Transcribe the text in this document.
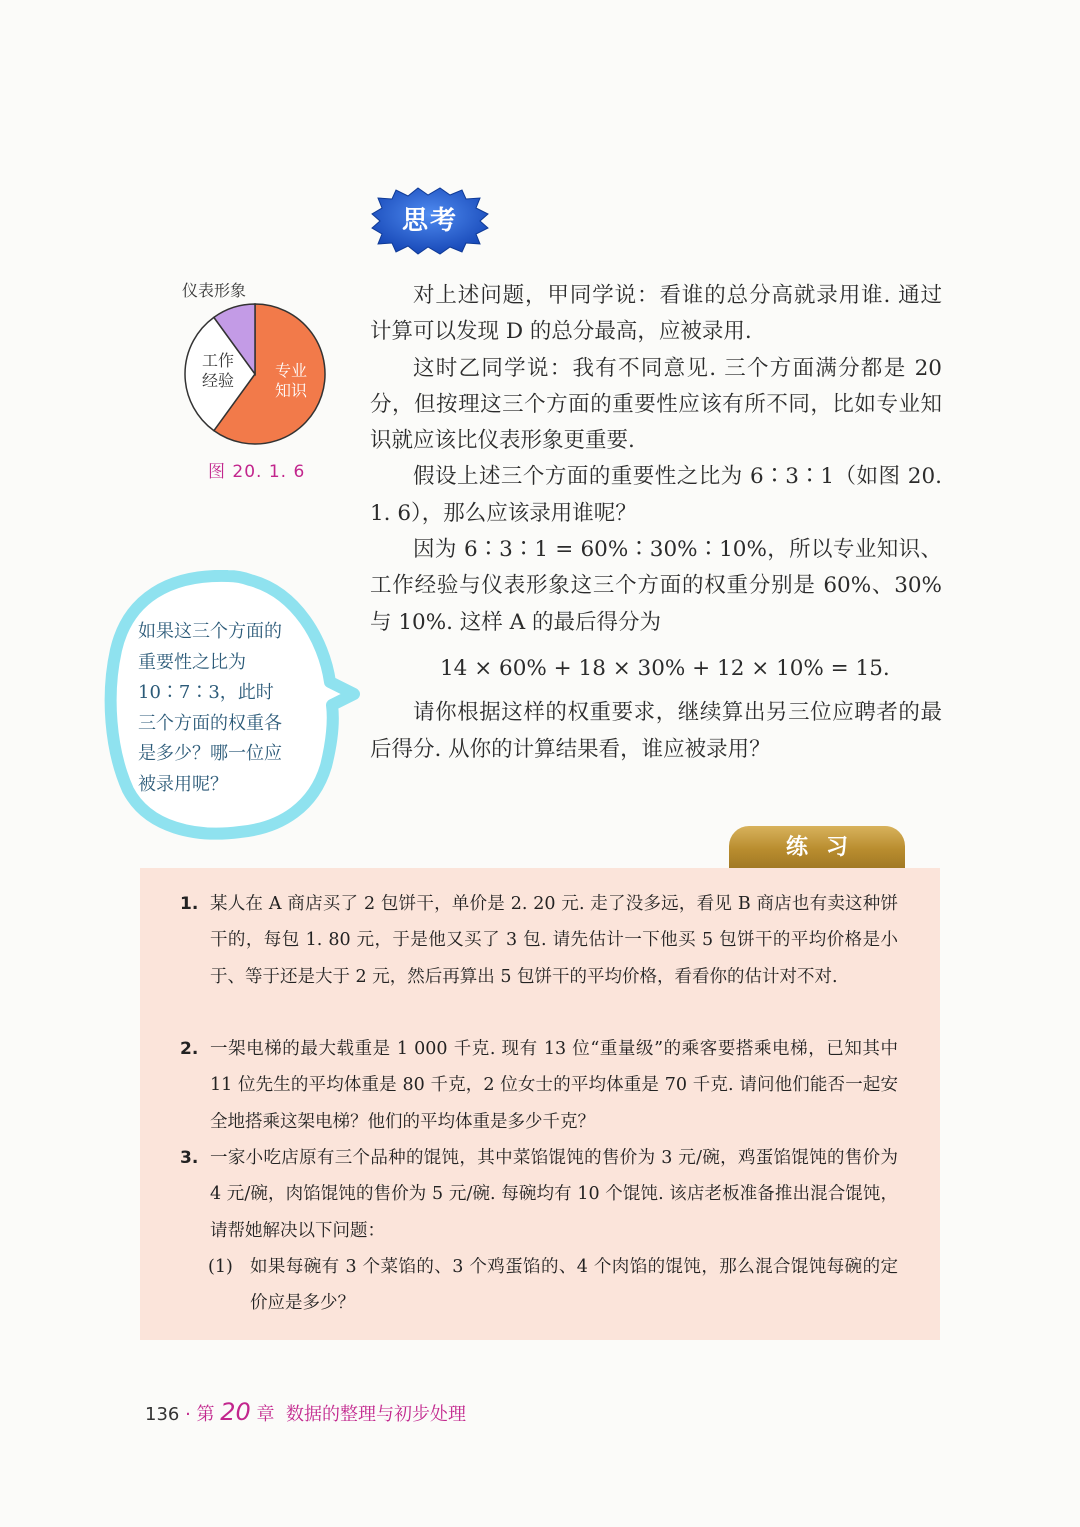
思考
仪表形象
工作
经验
专业
知识
图 20. 1. 6

对上述问题，甲同学说：看谁的总分高就录用谁. 通过计算可以发现 D 的总分最高，应被录用.

这时乙同学说：我有不同意见. 三个方面满分都是 20 分，但按理这三个方面的重要性应该有所不同，比如专业知识就应该比仪表形象更重要.

假设上述三个方面的重要性之比为 6∶3∶1（如图 20. 1. 6），那么应该录用谁呢？

因为 6∶3∶1 = 60%∶30%∶10%，所以专业知识、工作经验与仪表形象这三个方面的权重分别是 60%、30% 与 10%. 这样 A 的最后得分为

14 × 60% + 18 × 30% + 12 × 10% = 15.

请你根据这样的权重要求，继续算出另三位应聘者的最后得分. 从你的计算结果看，谁应被录用？

如果这三个方面的重要性之比为 10∶7∶3，此时三个方面的权重各是多少？哪一位应被录用呢？
练习
1. 某人在 A 商店买了 2 包饼干，单价是 2. 20 元. 走了没多远，看见 B 商店也有卖这种饼干的，每包 1. 80 元，于是他又买了 3 包. 请先估计一下他买 5 包饼干的平均价格是小于、等于还是大于 2 元，然后再算出 5 包饼干的平均价格，看看你的估计对不对.
2. 一架电梯的最大载重是 1 000 千克. 现有 13 位“重量级”的乘客要搭乘电梯，已知其中 11 位先生的平均体重是 80 千克，2 位女士的平均体重是 70 千克. 请问他们能否一起安全地搭乘这架电梯？他们的平均体重是多少千克？
3. 一家小吃店原有三个品种的馄饨，其中菜馅馄饨的售价为 3 元/碗，鸡蛋馅馄饨的售价为 4 元/碗，肉馅馄饨的售价为 5 元/碗. 每碗均有 10 个馄饨. 该店老板准备推出混合馄饨，请帮她解决以下问题：
(1) 如果每碗有 3 个菜馅的、3 个鸡蛋馅的、4 个肉馅的馄饨，那么混合馄饨每碗的定价应是多少？
136 · 第 20 章 数据的整理与初步处理
